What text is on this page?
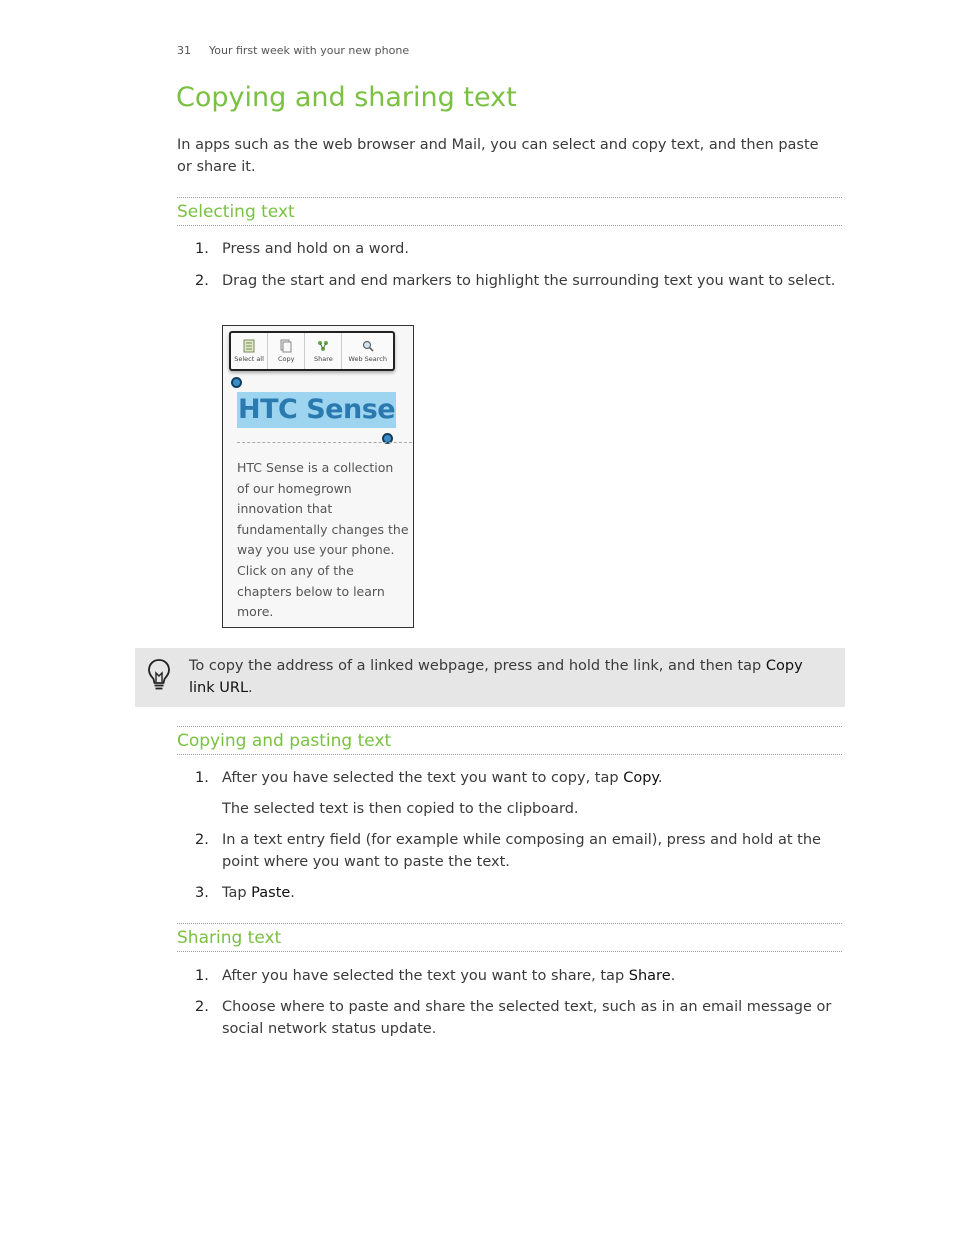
31 Your first week with your new phone
Copying and sharing text

In apps such as the web browser and Mail, you can select and copy text, and then paste or share it.

Selecting text
1. Press and hold on a word.
2. Drag the start and end markers to highlight the surrounding text you want to select.
Select all Copy	Share Web Search
HTC Sense
HTC Sense is a collection of our homegrown innovation that fundamentally changes the way you use your phone. Click on any of the chapters below to learn more.

To copy the address of a linked webpage, press and hold the link, and then tap Copy link URL.

Copying and pasting text
1. After you have selected the text you want to copy, tap Copy.
The selected text is then copied to the clipboard.
2. In a text entry field (for example while composing an email), press and hold at the point where you want to paste the text.
3. Tap Paste.
Sharing text
1. After you have selected the text you want to share, tap Share.
2. Choose where to paste and share the selected text, such as in an email message or social network status update.
